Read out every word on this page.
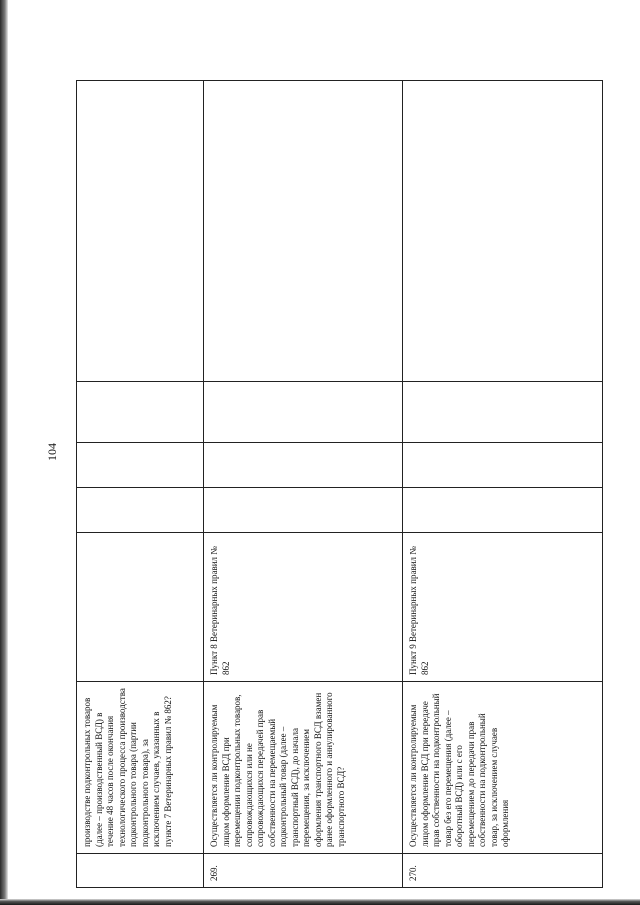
104
	производстве подконтрольных товаров (далее – производственный ВСД) в течение 48 часов после окончания технологического процесса производства подконтрольного товара (партии подконтрольного товара), за исключением случаев, указанных в пункте 7 Ветеринарных правил № 862?					
269.	Осуществляется ли контролируемым лицом оформление ВСД при перемещении подконтрольных товаров, сопровождающихся или не сопровождающихся передачей прав собственности на перемещаемый подконтрольный товар (далее – транспортный ВСД), до начала перемещения, за исключением оформления транспортного ВСД взамен ранее оформленного и аннулированного транспортного ВСД?	Пункт 8 Ветеринарных правил № 862				
270.	Осуществляется ли контролируемым лицом оформление ВСД при передаче прав собственности на подконтрольный товар без его перемещения (далее – оборотный ВСД) или с его перемещением до передачи прав собственности на подконтрольный товар, за исключением случаев оформления	Пункт 9 Ветеринарных правил № 862				
